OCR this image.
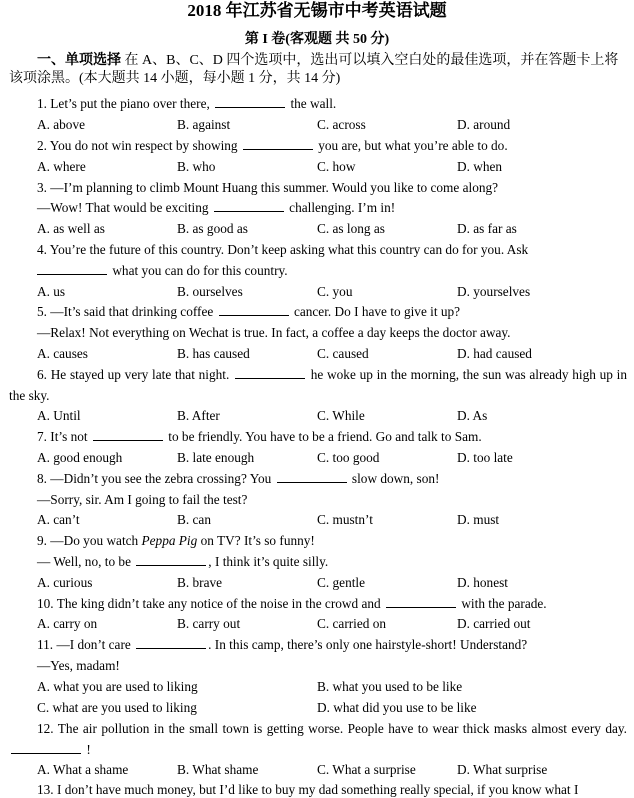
2018 年江苏省无锡市中考英语试题
第 I 卷(客观题 共 50 分)
一、单项选择 在 A、B、C、D 四个选项中，选出可以填入空白处的最佳选项，并在答题卡上将该项涂黑。(本大题共 14 小题，每小题 1 分，共 14 分)
1. Let’s put the piano over there,	the wall.
A. above	B. against	C. across	D. around
2. You do not win respect by showing	you are, but what you’re able to do.
A. where	B. who	C. how	D. when
3. —I’m planning to climb Mount Huang this summer. Would you like to come along?
—Wow! That would be exciting	challenging. I’m in!
A. as well as	B. as good as	C. as long as	D. as far as
4. You’re the future of this country. Don’t keep asking what this country can do for you. Ask
what you can do for this country.
A. us	B. ourselves	C. you	D. yourselves
5. —It’s said that drinking coffee	cancer. Do I have to give it up?
—Relax! Not everything on Wechat is true. In fact, a coffee a day keeps the doctor away.
A. causes	B. has caused	C. caused	D. had caused
6. He stayed up very late that night.	he woke up in the morning, the sun was already high up in the sky.
A. Until	B. After	C. While	D. As
7. It’s not	to be friendly. You have to be a friend. Go and talk to Sam.
A. good enough	B. late enough	C. too good	D. too late
8. —Didn’t you see the zebra crossing? You	slow down, son!
—Sorry, sir. Am I going to fail the test?
A. can’t	B. can	C. mustn’t	D. must
9. —Do you watch Peppa Pig on TV? It’s so funny!
— Well, no, to be	, I think it’s quite silly.
A. curious	B. brave	C. gentle	D. honest
10. The king didn’t take any notice of the noise in the crowd and	with the parade.
A. carry on	B. carry out	C. carried on	D. carried out
11. —I don’t care	. In this camp, there’s only one hairstyle-short! Understand?
—Yes, madam!
A. what you are used to liking	B. what you used to be like
C. what are you used to liking	D. what did you use to be like
12. The air pollution in the small town is getting worse. People have to wear thick masks almost every day.  !
A. What a shame	B. What shame	C. What a surprise	D. What surprise
13. I don’t have much money, but I’d like to buy my dad something really special, if you know what I
